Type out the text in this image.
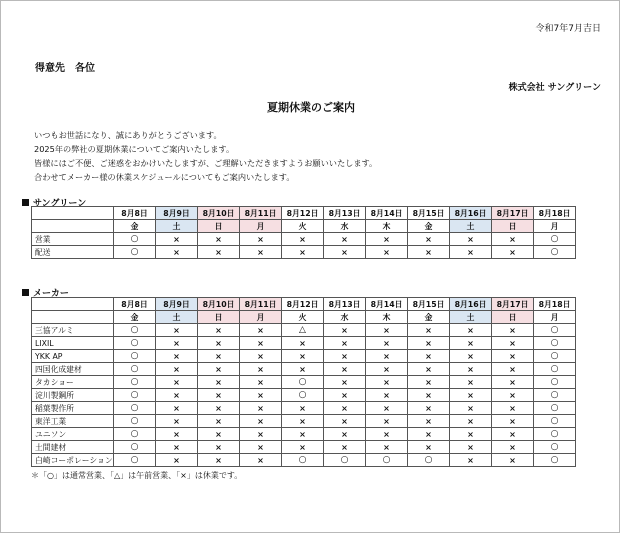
令和7年7月吉日
得意先　各位
株式会社 サングリーン
夏期休業のご案内
いつもお世話になり、誠にありがとうございます。
2025年の弊社の夏期休業についてご案内いたします。
皆様にはご不便、ご迷惑をおかけいたしますが、ご理解いただきますようお願いいたします。
合わせてメーカー様の休業スケジュールについてもご案内いたします。
サングリーン
	8月8日	8月9日	8月10日	8月11日	8月12日	8月13日	8月14日	8月15日	8月16日	8月17日	8月18日
	金	土	日	月	火	水	木	金	土	日	月
営業	○	×	×	×	×	×	×	×	×	×	○
配送	○	×	×	×	×	×	×	×	×	×	○
メーカー
	8月8日	8月9日	8月10日	8月11日	8月12日	8月13日	8月14日	8月15日	8月16日	8月17日	8月18日
	金	土	日	月	火	水	木	金	土	日	月
三協アルミ	○	×	×	×	△	×	×	×	×	×	○
LIXIL	○	×	×	×	×	×	×	×	×	×	○
YKK AP	○	×	×	×	×	×	×	×	×	×	○
四国化成建材	○	×	×	×	×	×	×	×	×	×	○
タカショー	○	×	×	×	○	×	×	×	×	×	○
淀川製鋼所	○	×	×	×	○	×	×	×	×	×	○
稲葉製作所	○	×	×	×	×	×	×	×	×	×	○
東洋工業	○	×	×	×	×	×	×	×	×	×	○
ユニソン	○	×	×	×	×	×	×	×	×	×	○
土間建材	○	×	×	×	×	×	×	×	×	×	○
白崎コーポレーション	○	×	×	×	○	○	○	○	×	×	○
＊「○」は通常営業、「△」は午前営業、「×」は休業です。
